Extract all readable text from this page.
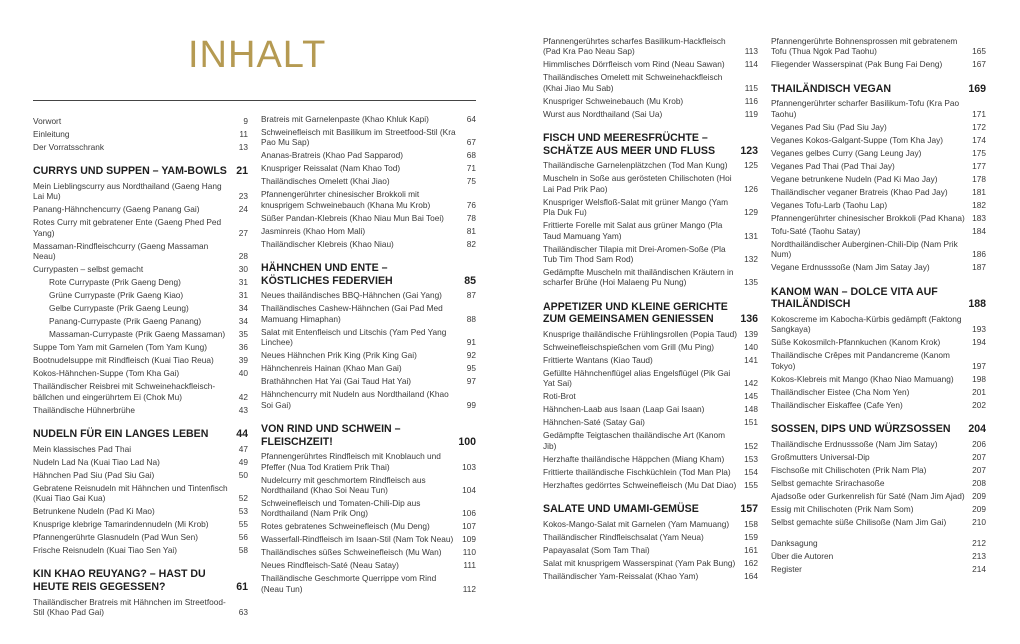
INHALT
Vorwort	9
Einleitung	11
Der Vorratsschrank	13
CURRYS UND SUPPEN – YAM-BOWLS 21
Mein Lieblingscurry aus Nordthailand (Gaeng Hang Lai Mu)	23
Panang-Hähnchencurry (Gaeng Panang Gai)	24
Rotes Curry mit gebratener Ente (Gaeng Phed Ped Yang)	27
Massaman-Rindfleischcurry (Gaeng Massaman Neau)	28
Currypasten – selbst gemacht	30
Rote Currypaste (Prik Gaeng Deng)	31
Grüne Currypaste (Prik Gaeng Kiao)	31
Gelbe Currypaste (Prik Gaeng Leung)	34
Panang-Currypaste (Prik Gaeng Panang)	34
Massaman-Currypaste (Prik Gaeng Massaman)	35
Suppe Tom Yam mit Garnelen (Tom Yam Kung)	36
Bootnudelsuppe mit Rindfleisch (Kuai Tiao Reua)	39
Kokos-Hähnchen-Suppe (Tom Kha Gai)	40
Thailändischer Reisbrei mit Schweinehackfleisch-bällchen und eingerührtem Ei (Chok Mu)	42
Thailändische Hühnerbrühe	43
NUDELN FÜR EIN LANGES LEBEN	44
Mein klassisches Pad Thai	47
Nudeln Lad Na (Kuai Tiao Lad Na)	49
Hähnchen Pad Siu (Pad Siu Gai)	50
Gebratene Reisnudeln mit Hähnchen und Tintenfisch (Kuai Tiao Gai Kua)	52
Betrunkene Nudeln (Pad Ki Mao)	53
Knusprige klebrige Tamarindennudeln (Mi Krob)	55
Pfannengerührte Glasnudeln (Pad Wun Sen)	56
Frische Reisnudeln (Kuai Tiao Sen Yai)	58
KIN KHAO REUYANG? – HAST DU HEUTE REIS GEGESSEN?	61
Thailändischer Bratreis mit Hähnchen im Streetfood-Stil (Khao Pad Gai)	63
Bratreis mit Garnelenpaste (Khao Khluk Kapi)	64
Schweinefleisch mit Basilikum im Streetfood-Stil (Kra Pao Mu Sap)	67
Ananas-Bratreis (Khao Pad Sapparod)	68
Knuspriger Reissalat (Nam Khao Tod)	71
Thailändisches Omelett (Khai Jiao)	75
Pfannengerührter chinesischer Brokkoli mit knusprigem Schweinebauch (Khana Mu Krob)	76
Süßer Pandan-Klebreis (Khao Niau Mun Bai Toei)	78
Jasminreis (Khao Hom Mali)	81
Thailändischer Klebreis (Khao Niau)	82
HÄHNCHEN UND ENTE – KÖSTLICHES FEDERVIEH	85
Neues thailändisches BBQ-Hähnchen (Gai Yang)	87
Thailändisches Cashew-Hähnchen (Gai Pad Med Mamuang Himaphan)	88
Salat mit Entenfleisch und Litschis (Yam Ped Yang Linchee)	91
Neues Hähnchen Prik King (Prik King Gai)	92
Hähnchenreis Hainan (Khao Man Gai)	95
Brathähnchen Hat Yai (Gai Taud Hat Yai)	97
Hähnchencurry mit Nudeln aus Nordthailand (Khao Soi Gai)	99
VON RIND UND SCHWEIN – FLEISCHZEIT!	100
Pfannengerührtes Rindfleisch mit Knoblauch und Pfeffer (Nua Tod Kratiem Prik Thai)	103
Nudelcurry mit geschmortem Rindfleisch aus Nordthailand (Khao Soi Neau Tun)	104
Schweinefleisch und Tomaten-Chili-Dip aus Nordthailand (Nam Prik Ong)	106
Rotes gebratenes Schweinefleisch (Mu Deng)	107
Wasserfall-Rindfleisch im Isaan-Stil (Nam Tok Neau)	109
Thailändisches süßes Schweinefleisch (Mu Wan)	110
Neues Rindfleisch-Saté (Neau Satay)	111
Thailändische Geschmorte Querrippe vom Rind (Neau Tun)	112
Pfannengerührtes scharfes Basilikum-Hackfleisch (Pad Kra Pao Neau Sap)	113
Himmlisches Dörrfleisch vom Rind (Neau Sawan)	114
Thailändisches Omelett mit Schweinehackfleisch (Khai Jiao Mu Sab)	115
Knuspriger Schweinebauch (Mu Krob)	116
Wurst aus Nordthailand (Sai Ua)	119
FISCH UND MEERESFRÜCHTE – SCHÄTZE AUS MEER UND FLUSS	123
Thailändische Garnelenplätzchen (Tod Man Kung)	125
Muscheln in Soße aus gerösteten Chilischoten (Hoi Lai Pad Prik Pao)	126
Knuspriger Welsfloß-Salat mit grüner Mango (Yam Pla Duk Fu)	129
Frittierte Forelle mit Salat aus grüner Mango (Pla Taud Mamuang Yam)	131
Thailändischer Tilapia mit Drei-Aromen-Soße (Pla Tub Tim Thod Sam Rod)	132
Gedämpfte Muscheln mit thailändischen Kräutern in scharfer Brühe (Hoi Malaeng Pu Nung)	135
APPETIZER UND KLEINE GERICHTE ZUM GEMEINSAMEN GENIESSEN	136
Knusprige thailändische Frühlingsrollen (Popia Taud) 139
Schweinefleischspießchen vom Grill (Mu Ping)	140
Frittierte Wantans (Kiao Taud)	141
Gefüllte Hähnchenflügel alias Engelsflügel (Pik Gai Yat Sai)	142
Roti-Brot	145
Hähnchen-Laab aus Isaan (Laap Gai Isaan)	148
Hähnchen-Saté (Satay Gai)	151
Gedämpfte Teigtaschen thailändische Art (Kanom Jib)	152
Herzhafte thailändische Häppchen (Miang Kham)	153
Frittierte thailändische Fischküchlein (Tod Man Pla)	154
Herzhaftes gedörrtes Schweinefleisch (Mu Dat Diao) 155
SALATE UND UMAMI-GEMÜSE	157
Kokos-Mango-Salat mit Garnelen (Yam Mamuang)	158
Thailändischer Rindfleischsalat (Yam Neua)	159
Papayasalat (Som Tam Thai)	161
Salat mit knusprigem Wasserspinat (Yam Pak Bung)	162
Thailändischer Yam-Reissalat (Khao Yam)	164
Pfannengerührte Bohnensprossen mit gebratenem Tofu (Thua Ngok Pad Taohu)	165
Fliegender Wasserspinat (Pak Bung Fai Deng)	167
THAILÄNDISCH VEGAN	169
Pfannengerührter scharfer Basilikum-Tofu (Kra Pao Taohu)	171
Veganes Pad Siu (Pad Siu Jay)	172
Veganes Kokos-Galgant-Suppe (Tom Kha Jay)	174
Veganes gelbes Curry (Gang Leung Jay)	175
Veganes Pad Thai (Pad Thai Jay)	177
Vegane betrunkene Nudeln (Pad Ki Mao Jay)	178
Thailändischer veganer Bratreis (Khao Pad Jay)	181
Veganes Tofu-Larb (Taohu Lap)	182
Pfannengerührter chinesischer Brokkoli (Pad Khana) 183
Tofu-Saté (Taohu Satay)	184
Nordthailändischer Auberginen-Chili-Dip (Nam Prik Num)	186
Vegane Erdnusssoße (Nam Jim Satay Jay)	187
KANOM WAN – DOLCE VITA AUF THAILÄNDISCH	188
Kokoscreme im Kabocha-Kürbis gedämpft (Faktong Sangkaya)	193
Süße Kokosmilch-Pfannkuchen (Kanom Krok)	194
Thailändische Crêpes mit Pandancreme (Kanom Tokyo)	197
Kokos-Klebreis mit Mango (Khao Niao Mamuang)	198
Thailändischer Eistee (Cha Nom Yen)	201
Thailändischer Eiskaffee (Cafe Yen)	202
SOSSEN, DIPS UND WÜRZSOSSEN	204
Thailändische Erdnusssoße (Nam Jim Satay)	206
Großmutters Universal-Dip	207
Fischsoße mit Chilischoten (Prik Nam Pla)	207
Selbst gemachte Srirachasoße	208
Ajadsoße oder Gurkenrelish für Saté (Nam Jim Ajad) 209
Essig mit Chilischoten (Prik Nam Som)	209
Selbst gemachte süße Chilisoße (Nam Jim Gai)	210
Danksagung	212
Über die Autoren	213
Register	214
